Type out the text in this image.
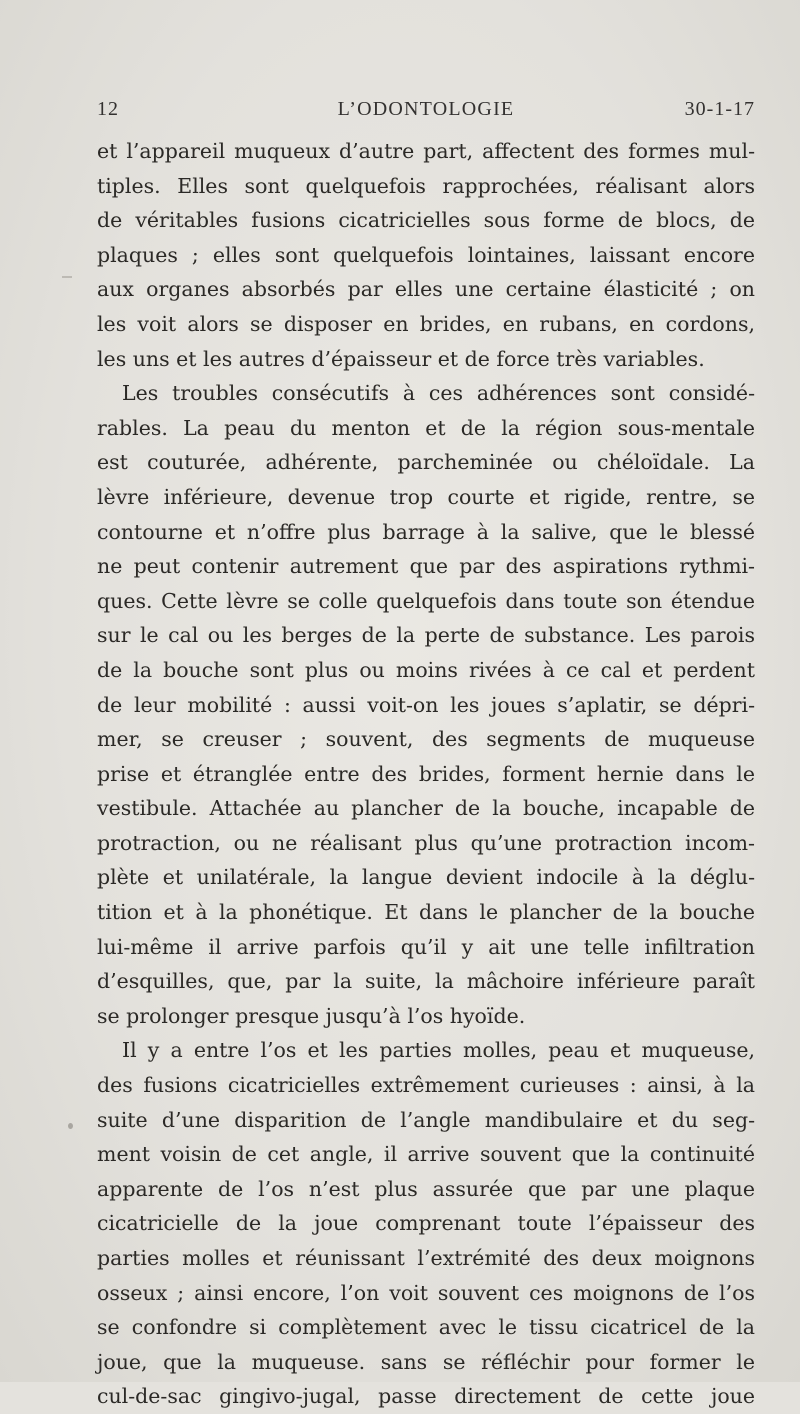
12	L’ODONTOLOGIE	30-1-17
et l’appareil muqueux d’autre part, affectent des formes mul-
tiples. Elles sont quelquefois rapprochées, réalisant alors
de véritables fusions cicatricielles sous forme de blocs, de
plaques ; elles sont quelquefois lointaines, laissant encore
aux organes absorbés par elles une certaine élasticité ; on
les voit alors se disposer en brides, en rubans, en cordons,
les uns et les autres d’épaisseur et de force très variables.
Les troubles consécutifs à ces adhérences sont considé-
rables. La peau du menton et de la région sous-mentale
est couturée, adhérente, parcheminée ou chéloïdale. La
lèvre inférieure, devenue trop courte et rigide, rentre, se
contourne et n’offre plus barrage à la salive, que le blessé
ne peut contenir autrement que par des aspirations rythmi-
ques. Cette lèvre se colle quelquefois dans toute son étendue
sur le cal ou les berges de la perte de substance. Les parois
de la bouche sont plus ou moins rivées à ce cal et perdent
de leur mobilité : aussi voit-on les joues s’aplatir, se dépri-
mer, se creuser ; souvent, des segments de muqueuse
prise et étranglée entre des brides, forment hernie dans le
vestibule. Attachée au plancher de la bouche, incapable de
protraction, ou ne réalisant plus qu’une protraction incom-
plète et unilatérale, la langue devient indocile à la déglu-
tition et à la phonétique. Et dans le plancher de la bouche
lui-même il arrive parfois qu’il y ait une telle infiltration
d’esquilles, que, par la suite, la mâchoire inférieure paraît
se prolonger presque jusqu’à l’os hyoïde.
Il y a entre l’os et les parties molles, peau et muqueuse,
des fusions cicatricielles extrêmement curieuses : ainsi, à la
suite d’une disparition de l’angle mandibulaire et du seg-
ment voisin de cet angle, il arrive souvent que la continuité
apparente de l’os n’est plus assurée que par une plaque
cicatricielle de la joue comprenant toute l’épaisseur des
parties molles et réunissant l’extrémité des deux moignons
osseux ; ainsi encore, l’on voit souvent ces moignons de l’os
se confondre si complètement avec le tissu cicatricel de la
joue, que la muqueuse. sans se réfléchir pour former le
cul-de-sac gingivo-jugal, passe directement de cette joue
